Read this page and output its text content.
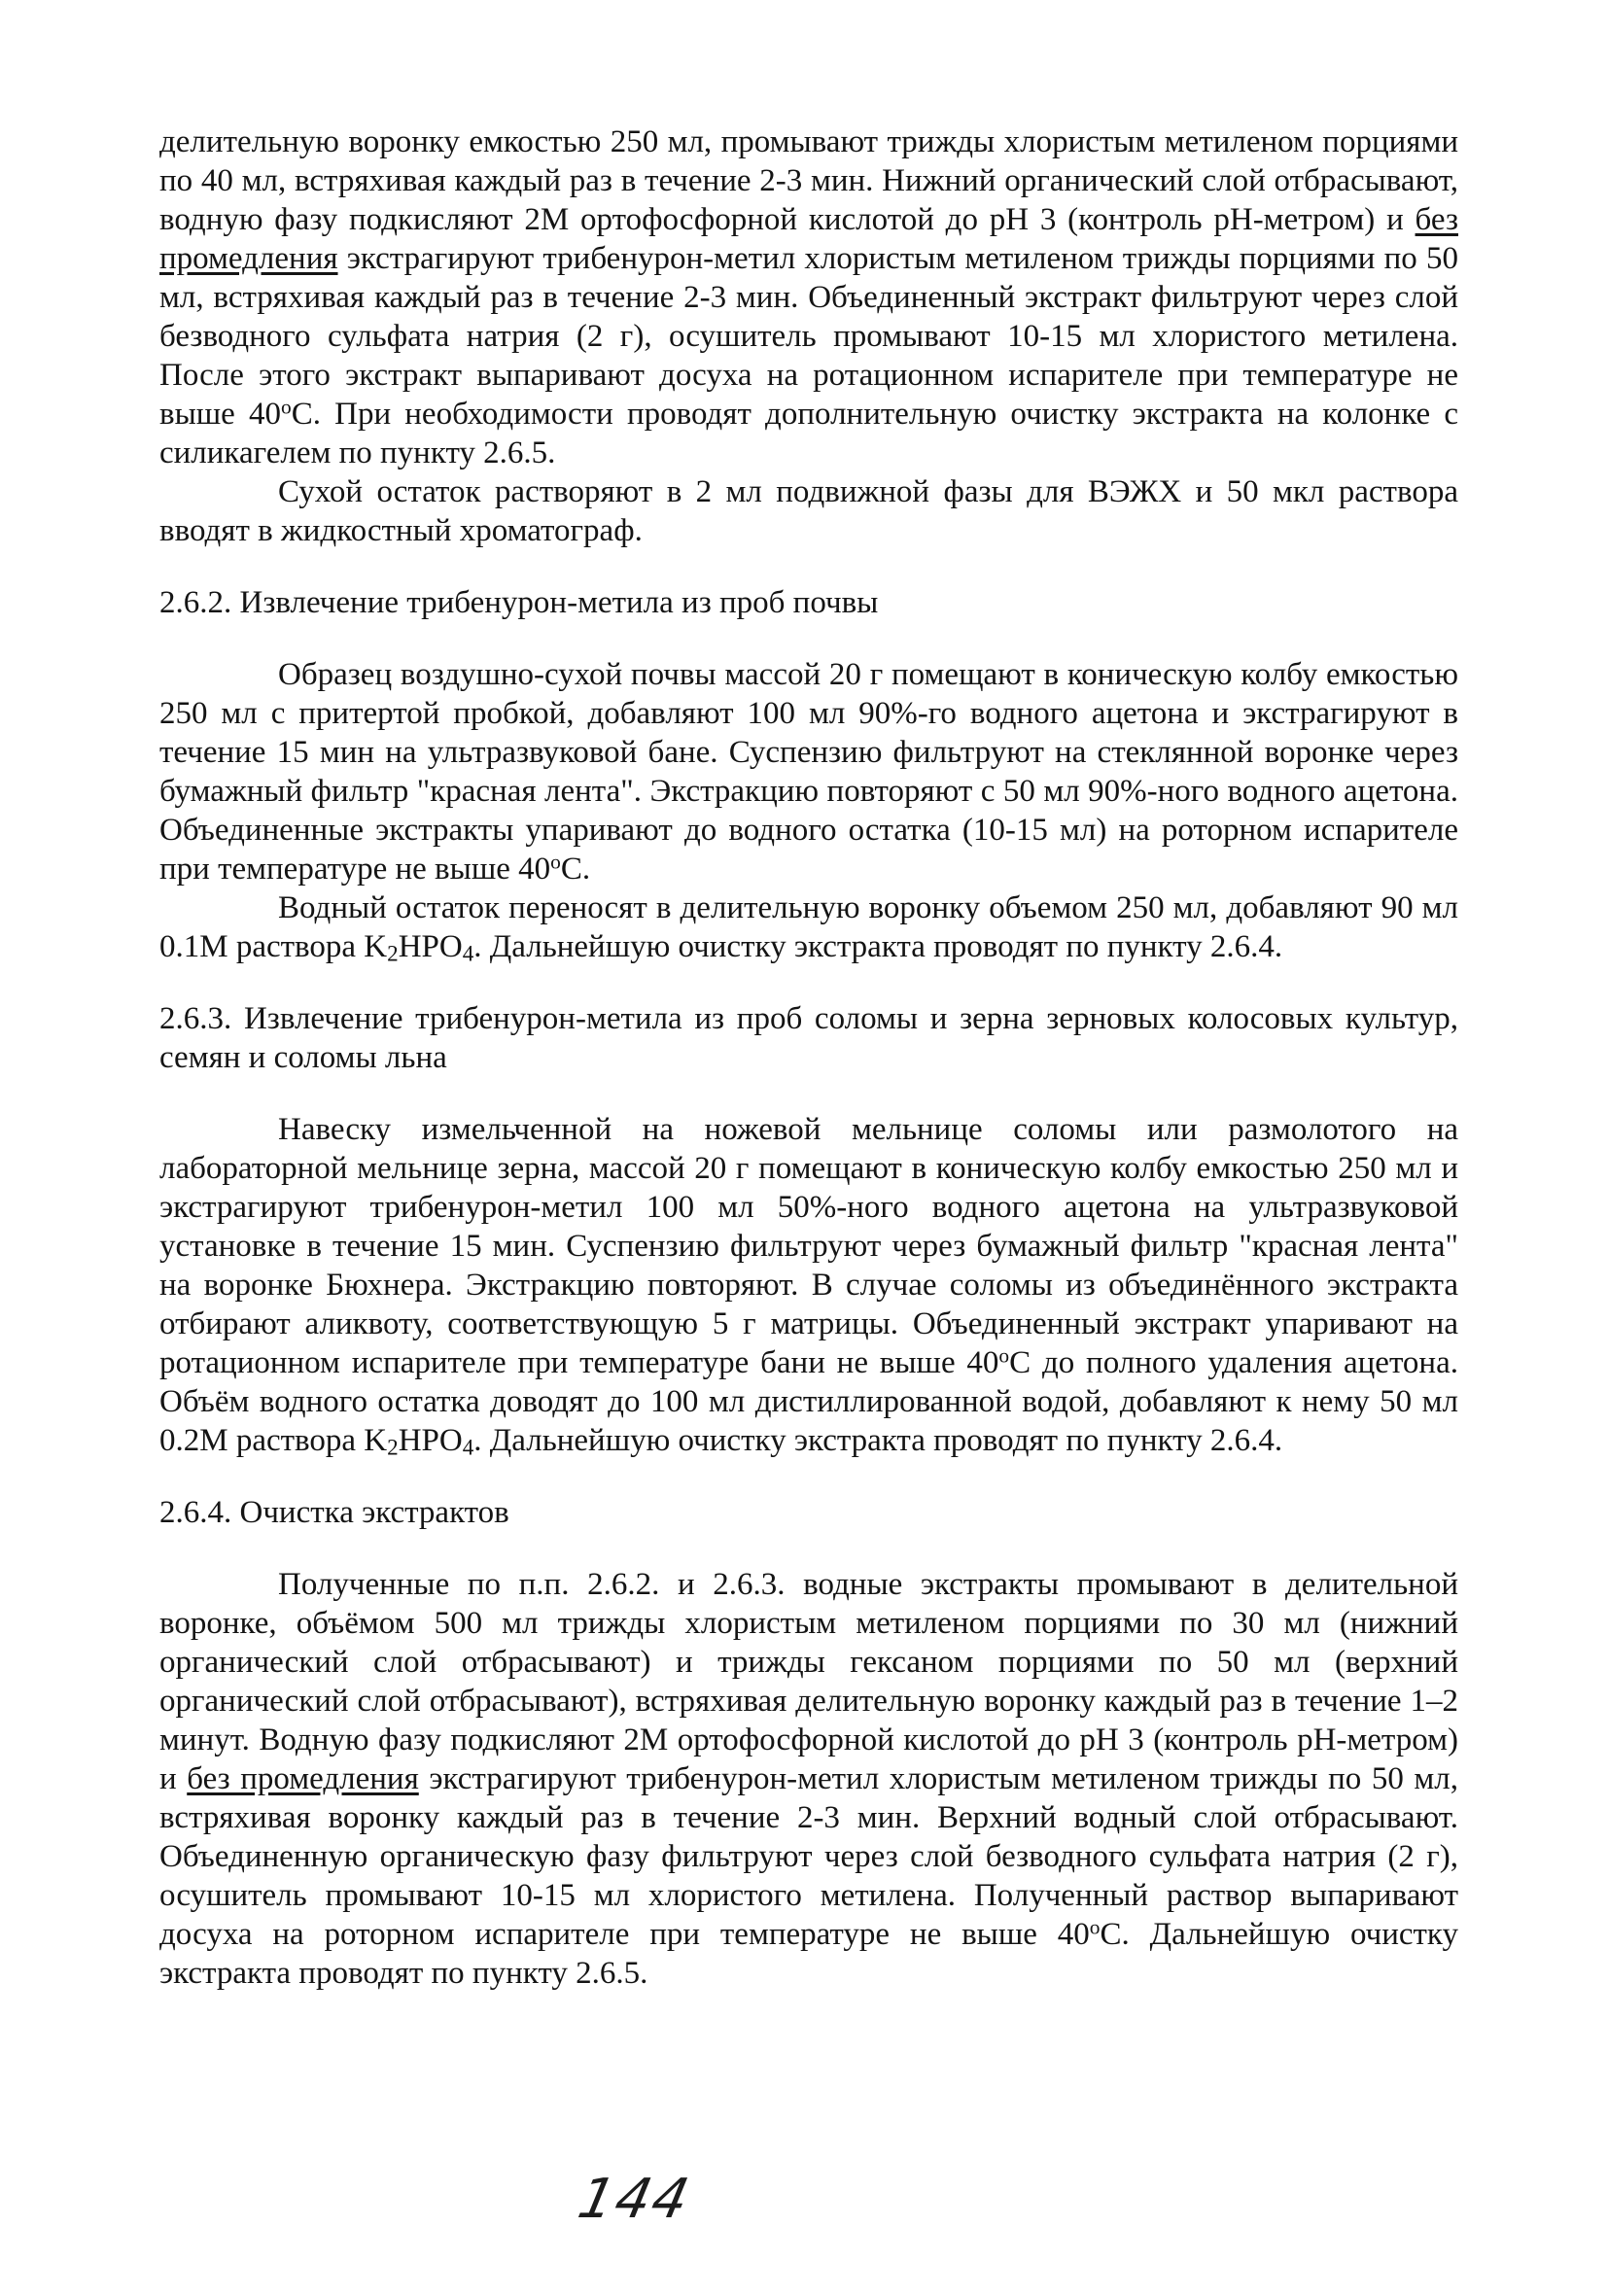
делительную воронку емкостью 250 мл, промывают трижды хлористым метиленом порциями по 40 мл, встряхивая каждый раз в течение 2-3 мин. Нижний органический слой отбрасывают, водную фазу подкисляют 2М ортофосфорной кислотой до рН 3 (контроль рН-метром) и без промедления экстрагируют трибенурон-метил хлористым метиленом трижды порциями по 50 мл, встряхивая каждый раз в течение 2-3 мин. Объединенный экстракт фильтруют через слой безводного сульфата натрия (2 г), осушитель промывают 10-15 мл хлористого метилена. После этого экстракт выпаривают досуха на ротационном испарителе при температуре не выше $40^оС$. При необходимости проводят дополнительную очистку экстракта на колонке с силикагелем по пункту 2.6.5.

Сухой остаток растворяют в 2 мл подвижной фазы для ВЭЖХ и 50 мкл раствора вводят в жидкостный хроматограф.

2.6.2. Извлечение трибенурон-метила из проб почвы

Образец воздушно-сухой почвы массой 20 г помещают в коническую колбу емкостью 250 мл с притертой пробкой, добавляют 100 мл 90%-го водного ацетона и экстрагируют в течение 15 мин на ультразвуковой бане. Суспензию фильтруют на стеклянной воронке через бумажный фильтр "красная лента". Экстракцию повторяют с 50 мл 90%-ного водного ацетона. Объединенные экстракты упаривают до водного остатка (10-15 мл) на роторном испарителе при температуре не выше $40^оС$.

Водный остаток переносят в делительную воронку объемом 250 мл, добавляют 90 мл 0.1М раствора $K_2HPO_4$. Дальнейшую очистку экстракта проводят по пункту 2.6.4.

2.6.3. Извлечение трибенурон-метила из проб соломы и зерна зерновых колосовых культур, семян и соломы льна

Навеску измельченной на ножевой мельнице соломы или размолотого на лабораторной мельнице зерна, массой 20 г помещают в коническую колбу емкостью 250 мл и экстрагируют трибенурон-метил 100 мл 50%-ного водного ацетона на ультразвуковой установке в течение 15 мин. Суспензию фильтруют через бумажный фильтр "красная лента" на воронке Бюхнера. Экстракцию повторяют. В случае соломы из объединённого экстракта отбирают аликвоту, соответствующую 5 г матрицы. Объединенный экстракт упаривают на ротационном испарителе при температуре бани не выше $40^оС$ до полного удаления ацетона. Объём водного остатка доводят до 100 мл дистиллированной водой, добавляют к нему 50 мл 0.2М раствора $K_2HPO_4$. Дальнейшую очистку экстракта проводят по пункту 2.6.4.

2.6.4. Очистка экстрактов

Полученные по п.п. 2.6.2. и 2.6.3. водные экстракты промывают в делительной воронке, объёмом 500 мл трижды хлористым метиленом порциями по 30 мл (нижний органический слой отбрасывают) и трижды гексаном порциями по 50 мл (верхний органический слой отбрасывают), встряхивая делительную воронку каждый раз в течение 1–2 минут. Водную фазу подкисляют 2М ортофосфорной кислотой до рН 3 (контроль рН-метром) и без промедления экстрагируют трибенурон-метил хлористым метиленом трижды по 50 мл, встряхивая воронку каждый раз в течение 2-3 мин. Верхний водный слой отбрасывают. Объединенную органическую фазу фильтруют через слой безводного сульфата натрия (2 г), осушитель промывают 10-15 мл хлористого метилена. Полученный раствор выпаривают досуха на роторном испарителе при температуре не выше $40^оС$. Дальнейшую очистку экстракта проводят по пункту 2.6.5.

144
